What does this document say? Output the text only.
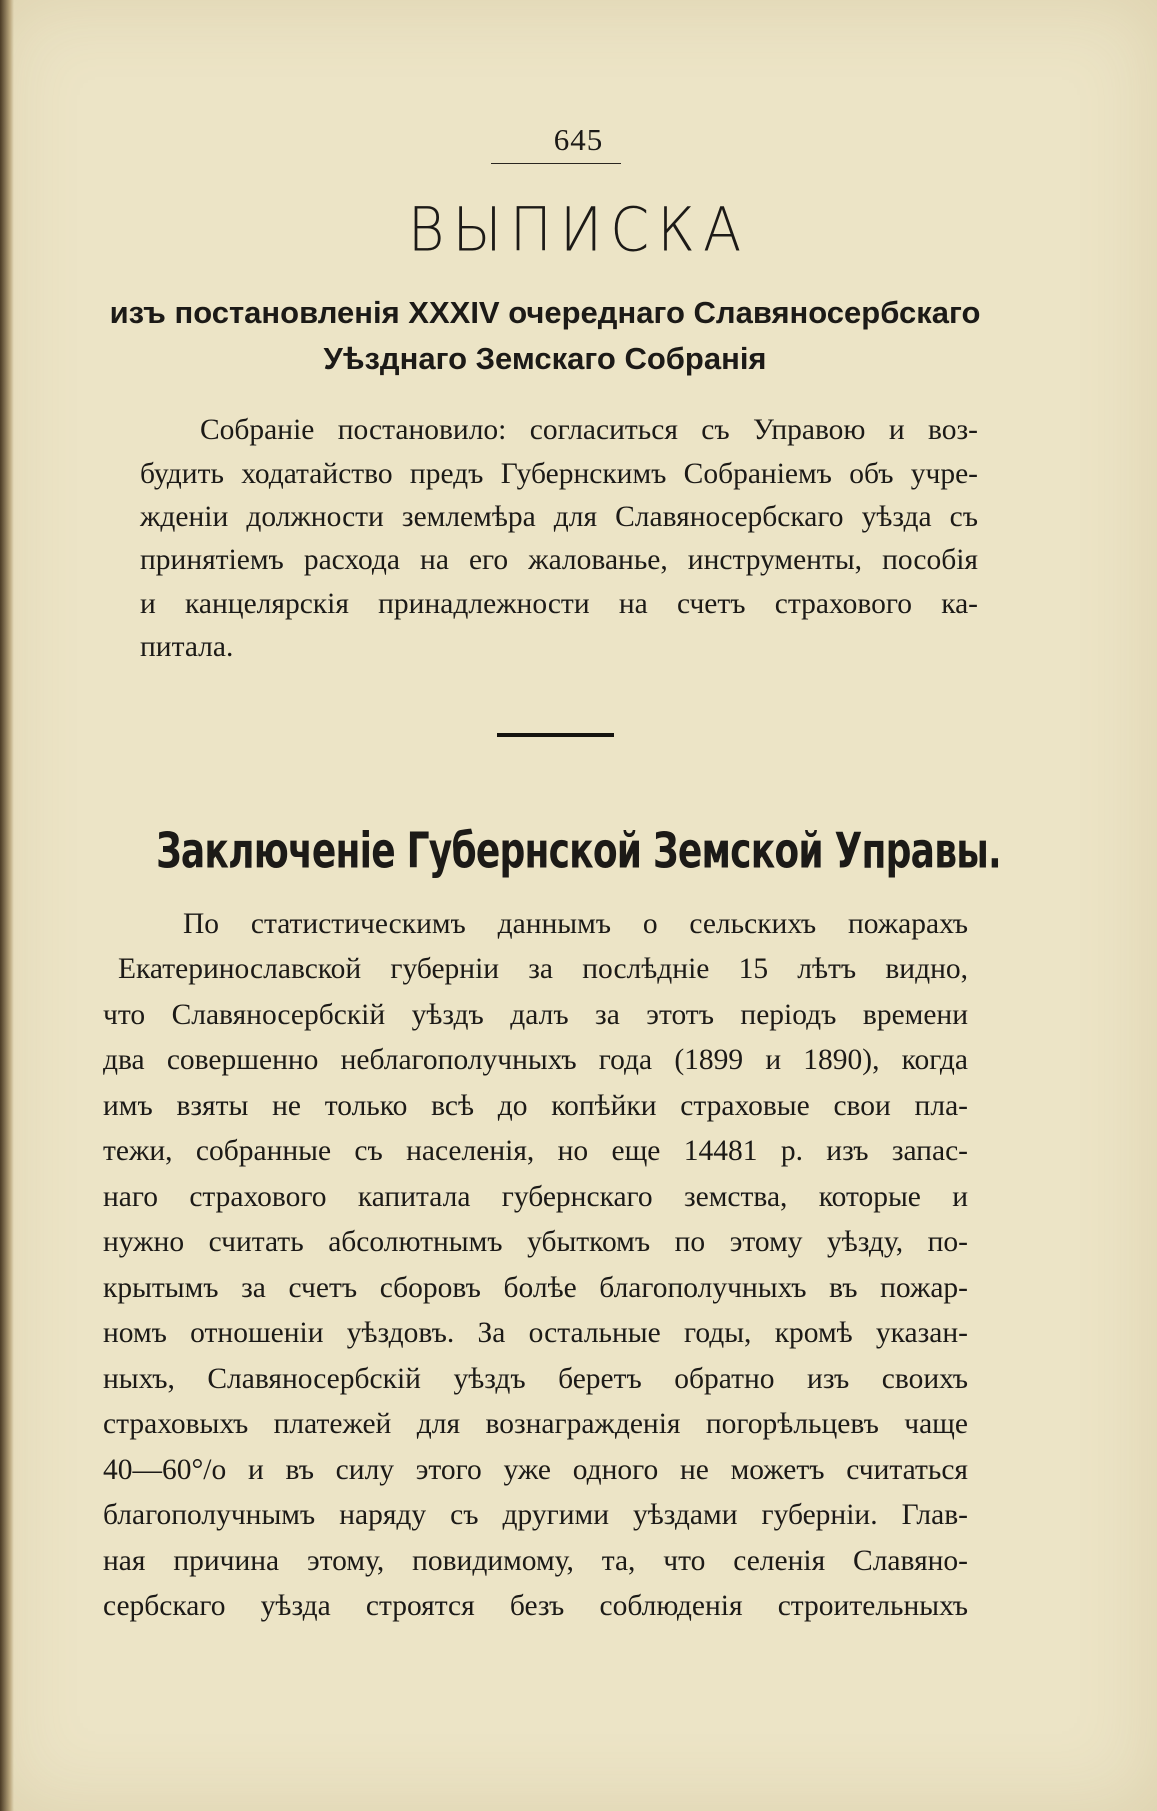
645
ВЫПИСКА
изъ постановленія XXXIV очереднаго Славяносербскаго
Уѣзднаго Земскаго Собранія
Собраніе постановило: согласиться съ Управою и воз-
будить ходатайство предъ Губернскимъ Собраніемъ объ учре-
жденіи должности землемѣра для Славяносербскаго уѣзда съ
принятіемъ расхода на его жалованье, инструменты, пособія
и канцелярскія принадлежности на счетъ страхового ка-
питала.
Заключеніе Губернской Земской Управы.
По статистическимъ даннымъ о сельскихъ пожарахъ
Екатеринославской губерніи за послѣдніе 15 лѣтъ видно,
что Славяносербскій уѣздъ далъ за этотъ періодъ времени
два совершенно неблагополучныхъ года (1899 и 1890), когда
имъ взяты не только всѣ до копѣйки страховые свои пла-
тежи, собранные съ населенія, но еще 14481 р. изъ запас-
наго страхового капитала губернскаго земства, которые и
нужно считать абсолютнымъ убыткомъ по этому уѣзду, по-
крытымъ за счетъ сборовъ болѣе благополучныхъ въ пожар-
номъ отношеніи уѣздовъ. За остальные годы, кромѣ указан-
ныхъ, Славяносербскій уѣздъ беретъ обратно изъ своихъ
страховыхъ платежей для вознагражденія погорѣльцевъ чаще
40—60°/о и въ силу этого уже одного не можетъ считаться
благополучнымъ наряду съ другими уѣздами губерніи. Глав-
ная причина этому, повидимому, та, что селенія Славяно-
сербскаго уѣзда строятся безъ соблюденія строительныхъ
